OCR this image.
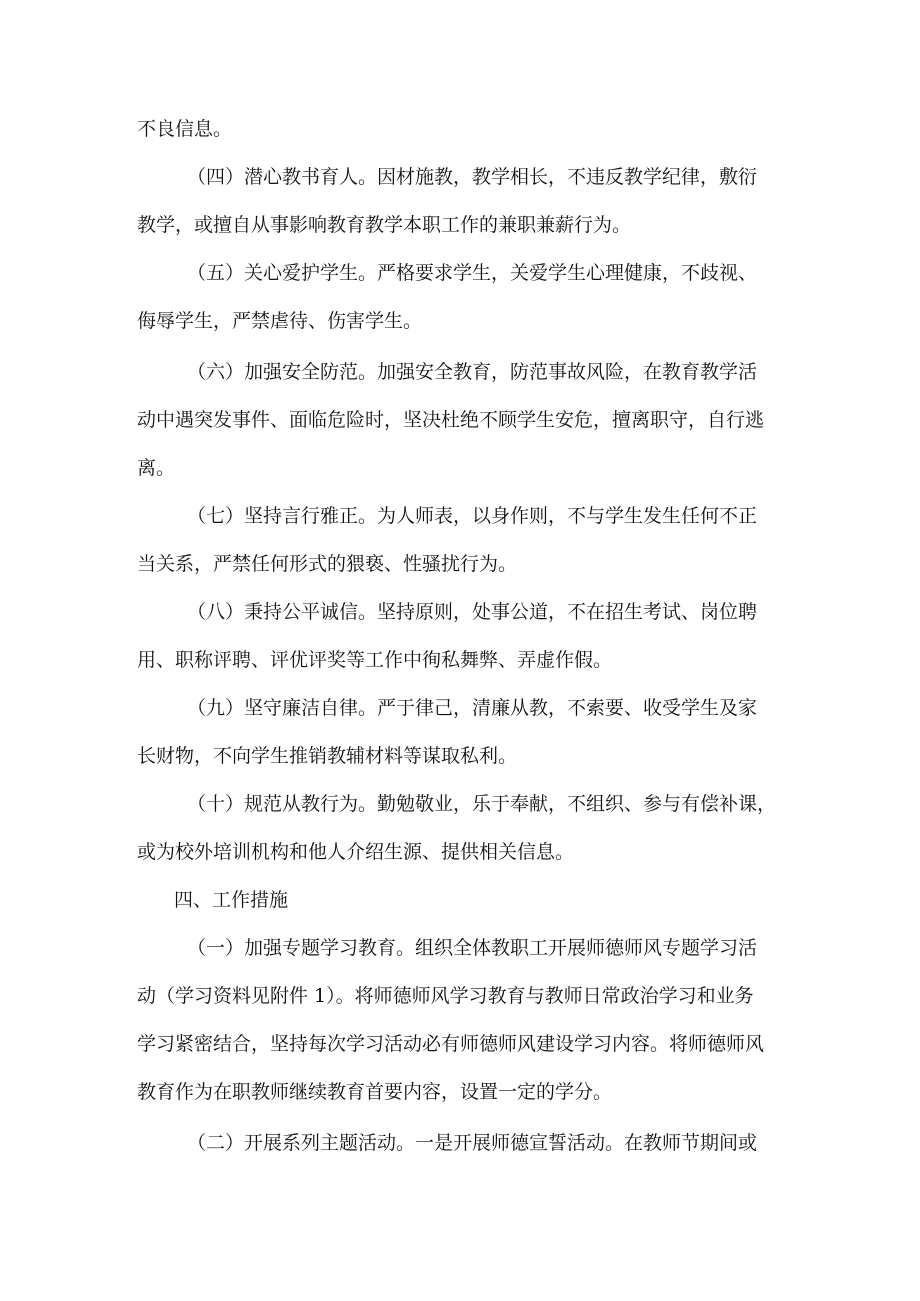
不良信息。

（四）潜心教书育人。因材施教，教学相长，不违反教学纪律，敷衍

教学，或擅自从事影响教育教学本职工作的兼职兼薪行为。

（五）关心爱护学生。严格要求学生，关爱学生心理健康，不歧视、

侮辱学生，严禁虐待、伤害学生。

（六）加强安全防范。加强安全教育，防范事故风险，在教育教学活

动中遇突发事件、面临危险时，坚决杜绝不顾学生安危，擅离职守，自行逃

离。

（七）坚持言行雅正。为人师表，以身作则，不与学生发生任何不正

当关系，严禁任何形式的猥亵、性骚扰行为。

（八）秉持公平诚信。坚持原则，处事公道，不在招生考试、岗位聘

用、职称评聘、评优评奖等工作中徇私舞弊、弄虚作假。

（九）坚守廉洁自律。严于律己，清廉从教，不索要、收受学生及家

长财物，不向学生推销教辅材料等谋取私利。

（十）规范从教行为。勤勉敬业，乐于奉献，不组织、参与有偿补课，

或为校外培训机构和他人介绍生源、提供相关信息。

四、工作措施

（一）加强专题学习教育。组织全体教职工开展师德师风专题学习活

动（学习资料见附件 1）。将师德师风学习教育与教师日常政治学习和业务

学习紧密结合，坚持每次学习活动必有师德师风建设学习内容。将师德师风

教育作为在职教师继续教育首要内容，设置一定的学分。

（二）开展系列主题活动。一是开展师德宣誓活动。在教师节期间或
